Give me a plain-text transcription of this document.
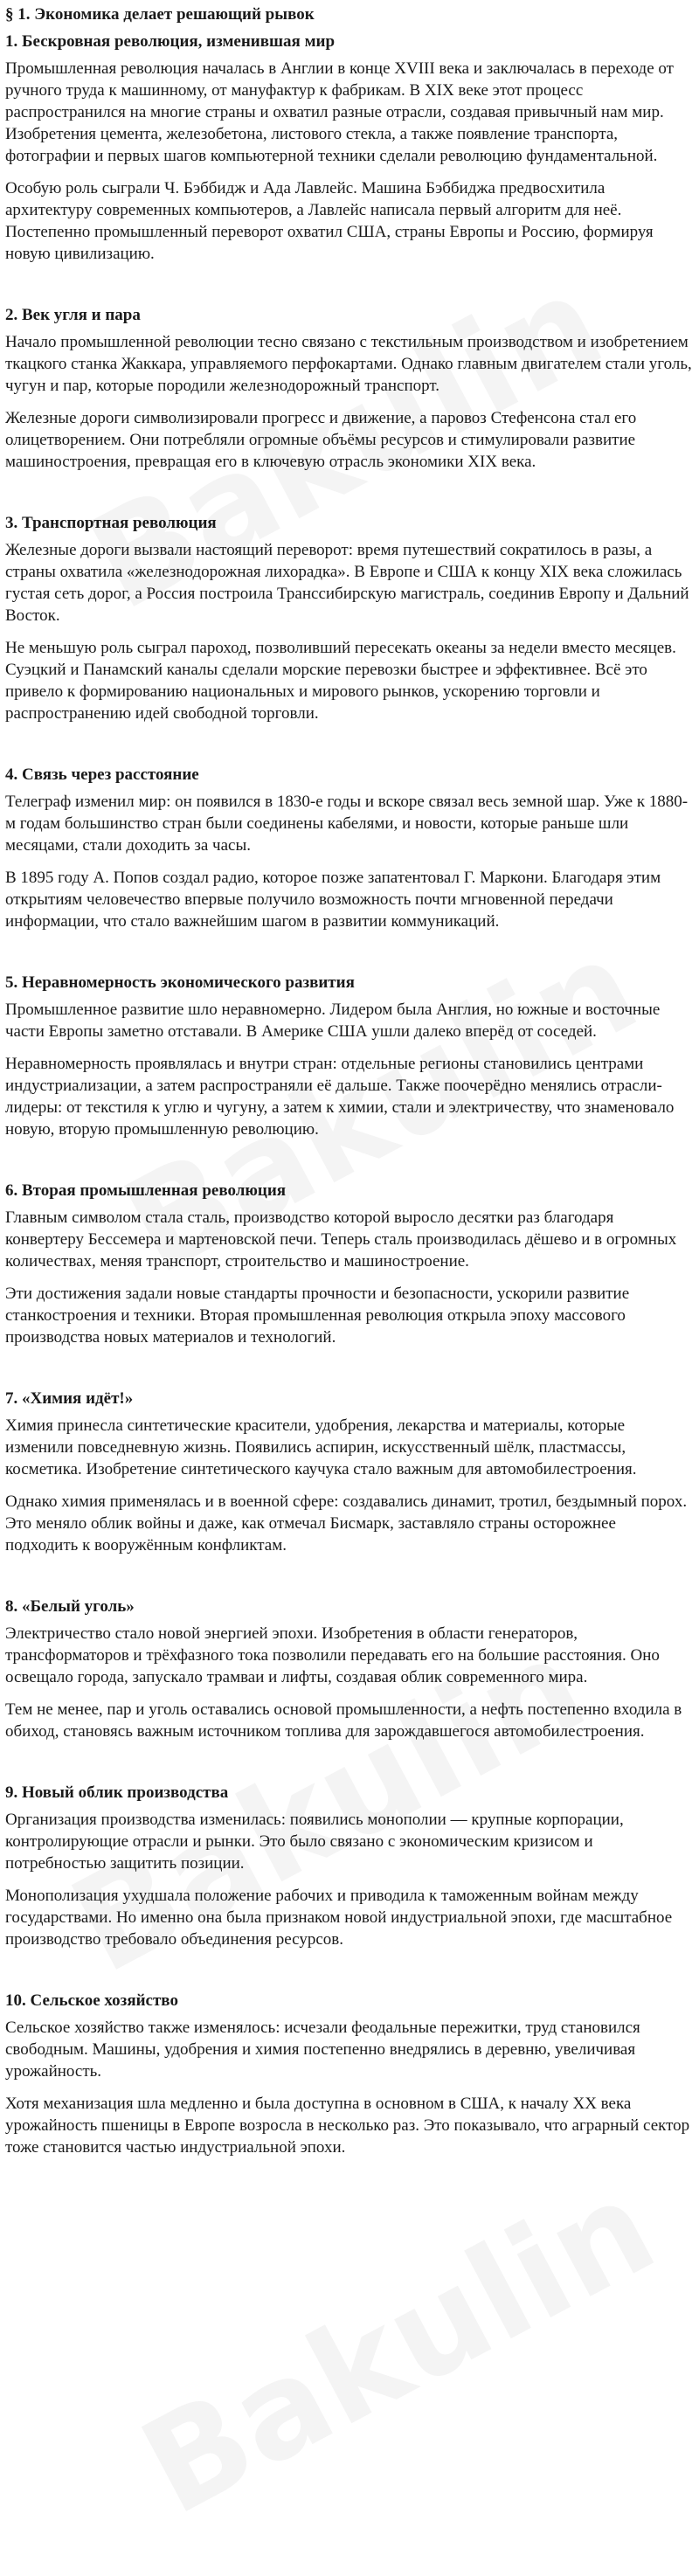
§ 1. Экономика делает решающий рывок
1. Бескровная революция, изменившая мир

Промышленная революция началась в Англии в конце XVIII века и заключалась в переходе от ручного труда к машинному, от мануфактур к фабрикам. В XIX веке этот процесс распространился на многие страны и охватил разные отрасли, создавая привычный нам мир. Изобретения цемента, железобетона, листового стекла, а также появление транспорта, фотографии и первых шагов компьютерной техники сделали революцию фундаментальной.

Особую роль сыграли Ч. Бэббидж и Ада Лавлейс. Машина Бэббиджа предвосхитила архитектуру современных компьютеров, а Лавлейс написала первый алгоритм для неё. Постепенно промышленный переворот охватил США, страны Европы и Россию, формируя новую цивилизацию.

2. Век угля и пара

Начало промышленной революции тесно связано с текстильным производством и изобретением ткацкого станка Жаккара, управляемого перфокартами. Однако главным двигателем стали уголь, чугун и пар, которые породили железнодорожный транспорт.

Железные дороги символизировали прогресс и движение, а паровоз Стефенсона стал его олицетворением. Они потребляли огромные объёмы ресурсов и стимулировали развитие машиностроения, превращая его в ключевую отрасль экономики XIX века.

3. Транспортная революция

Железные дороги вызвали настоящий переворот: время путешествий сократилось в разы, а страны охватила «железнодорожная лихорадка». В Европе и США к концу XIX века сложилась густая сеть дорог, а Россия построила Транссибирскую магистраль, соединив Европу и Дальний Восток.

Не меньшую роль сыграл пароход, позволивший пересекать океаны за недели вместо месяцев. Суэцкий и Панамский каналы сделали морские перевозки быстрее и эффективнее. Всё это привело к формированию национальных и мирового рынков, ускорению торговли и распространению идей свободной торговли.

4. Связь через расстояние

Телеграф изменил мир: он появился в 1830-е годы и вскоре связал весь земной шар. Уже к 1880-м годам большинство стран были соединены кабелями, и новости, которые раньше шли месяцами, стали доходить за часы.

В 1895 году А. Попов создал радио, которое позже запатентовал Г. Маркони. Благодаря этим открытиям человечество впервые получило возможность почти мгновенной передачи информации, что стало важнейшим шагом в развитии коммуникаций.

5. Неравномерность экономического развития

Промышленное развитие шло неравномерно. Лидером была Англия, но южные и восточные части Европы заметно отставали. В Америке США ушли далеко вперёд от соседей.

Неравномерность проявлялась и внутри стран: отдельные регионы становились центрами индустриализации, а затем распространяли её дальше. Также поочерёдно менялись отрасли-лидеры: от текстиля к углю и чугуну, а затем к химии, стали и электричеству, что знаменовало новую, вторую промышленную революцию.

6. Вторая промышленная революция

Главным символом стала сталь, производство которой выросло десятки раз благодаря конвертеру Бессемера и мартеновской печи. Теперь сталь производилась дёшево и в огромных количествах, меняя транспорт, строительство и машиностроение.

Эти достижения задали новые стандарты прочности и безопасности, ускорили развитие станкостроения и техники. Вторая промышленная революция открыла эпоху массового производства новых материалов и технологий.

7. «Химия идёт!»

Химия принесла синтетические красители, удобрения, лекарства и материалы, которые изменили повседневную жизнь. Появились аспирин, искусственный шёлк, пластмассы, косметика. Изобретение синтетического каучука стало важным для автомобилестроения.

Однако химия применялась и в военной сфере: создавались динамит, тротил, бездымный порох. Это меняло облик войны и даже, как отмечал Бисмарк, заставляло страны осторожнее подходить к вооружённым конфликтам.

8. «Белый уголь»

Электричество стало новой энергией эпохи. Изобретения в области генераторов, трансформаторов и трёхфазного тока позволили передавать его на большие расстояния. Оно освещало города, запускало трамваи и лифты, создавая облик современного мира.

Тем не менее, пар и уголь оставались основой промышленности, а нефть постепенно входила в обиход, становясь важным источником топлива для зарождавшегося автомобилестроения.

9. Новый облик производства

Организация производства изменилась: появились монополии — крупные корпорации, контролирующие отрасли и рынки. Это было связано с экономическим кризисом и потребностью защитить позиции.

Монополизация ухудшала положение рабочих и приводила к таможенным войнам между государствами. Но именно она была признаком новой индустриальной эпохи, где масштабное производство требовало объединения ресурсов.

10. Сельское хозяйство

Сельское хозяйство также изменялось: исчезали феодальные пережитки, труд становился свободным. Машины, удобрения и химия постепенно внедрялись в деревню, увеличивая урожайность.

Хотя механизация шла медленно и была доступна в основном в США, к началу XX века урожайность пшеницы в Европе возросла в несколько раз. Это показывало, что аграрный сектор тоже становится частью индустриальной эпохи.
